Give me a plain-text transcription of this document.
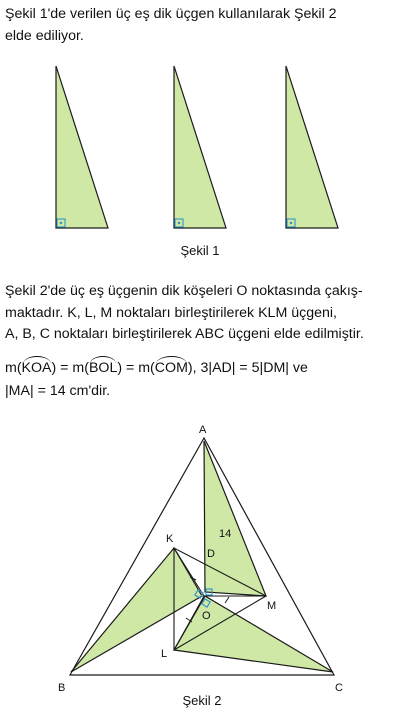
Şekil 1'de verilen üç eş dik üçgen kullanılarak Şekil 2

elde ediliyor.

Şekil 1

Şekil 2'de üç eş üçgenin dik köşeleri O noktasında çakış-

maktadır. K, L, M noktaları birleştirilerek KLM üçgeni,

A, B, C noktaları birleştirilerek ABC üçgeni elde edilmiştir.

m(KOA) = m(BOL) = m(COM), 3|AD| = 5|DM| ve

|MA| = 14 cm'dir.

A
B	C
K
L
M
D
O
14
Şekil 2
